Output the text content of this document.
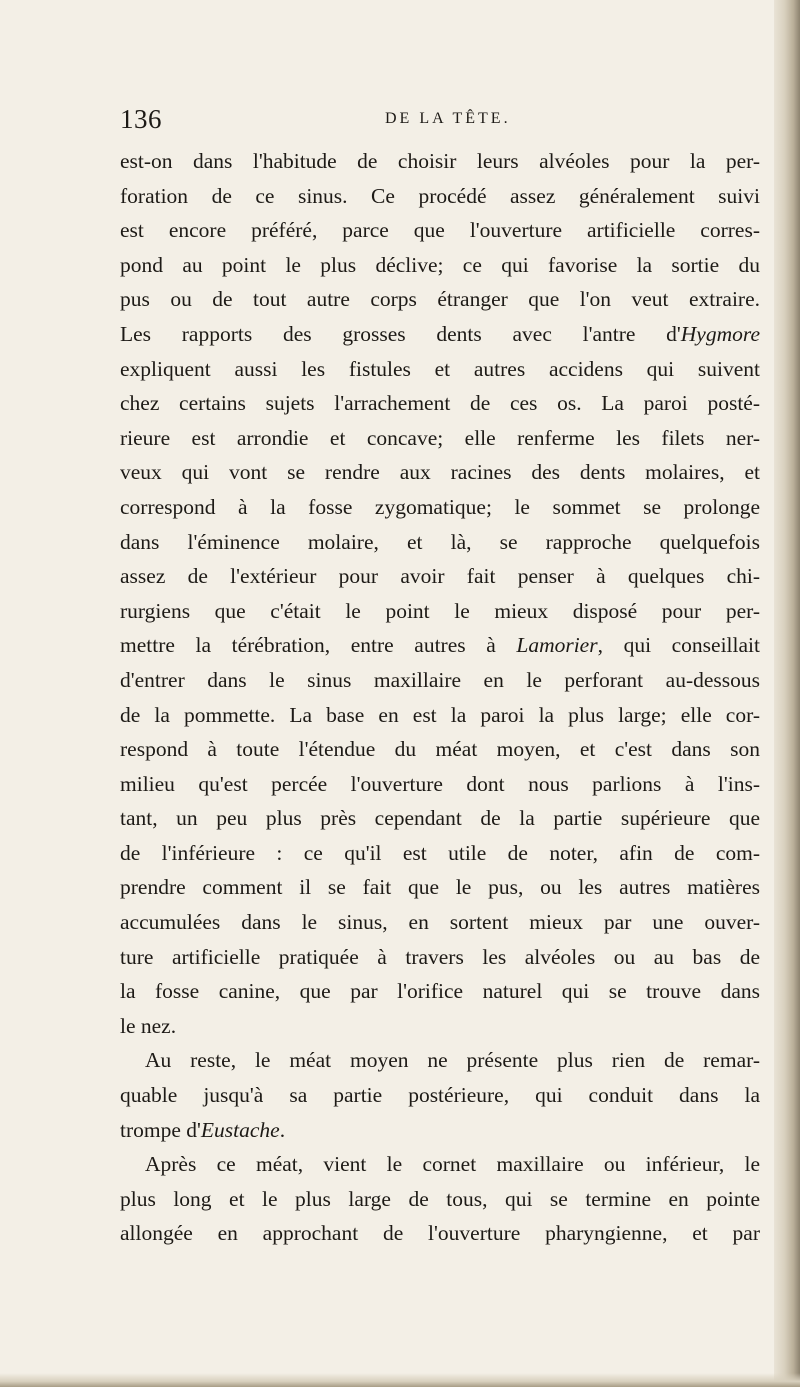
136	DE LA TÊTE.
est-on dans l'habitude de choisir leurs alvéoles pour la per-
foration de ce sinus. Ce procédé assez généralement suivi
est encore préféré, parce que l'ouverture artificielle corres-
pond au point le plus déclive; ce qui favorise la sortie du
pus ou de tout autre corps étranger que l'on veut extraire.
Les rapports des grosses dents avec l'antre d'Hygmore
expliquent aussi les fistules et autres accidens qui suivent
chez certains sujets l'arrachement de ces os. La paroi posté-
rieure est arrondie et concave; elle renferme les filets ner-
veux qui vont se rendre aux racines des dents molaires, et
correspond à la fosse zygomatique; le sommet se prolonge
dans l'éminence molaire, et là, se rapproche quelquefois
assez de l'extérieur pour avoir fait penser à quelques chi-
rurgiens que c'était le point le mieux disposé pour per-
mettre la térébration, entre autres à Lamorier, qui conseillait
d'entrer dans le sinus maxillaire en le perforant au-dessous
de la pommette. La base en est la paroi la plus large; elle cor-
respond à toute l'étendue du méat moyen, et c'est dans son
milieu qu'est percée l'ouverture dont nous parlions à l'ins-
tant, un peu plus près cependant de la partie supérieure que
de l'inférieure : ce qu'il est utile de noter, afin de com-
prendre comment il se fait que le pus, ou les autres matières
accumulées dans le sinus, en sortent mieux par une ouver-
ture artificielle pratiquée à travers les alvéoles ou au bas de
la fosse canine, que par l'orifice naturel qui se trouve dans
le nez.
Au reste, le méat moyen ne présente plus rien de remar-
quable jusqu'à sa partie postérieure, qui conduit dans la
trompe d'Eustache.
Après ce méat, vient le cornet maxillaire ou inférieur, le
plus long et le plus large de tous, qui se termine en pointe
allongée en approchant de l'ouverture pharyngienne, et par
